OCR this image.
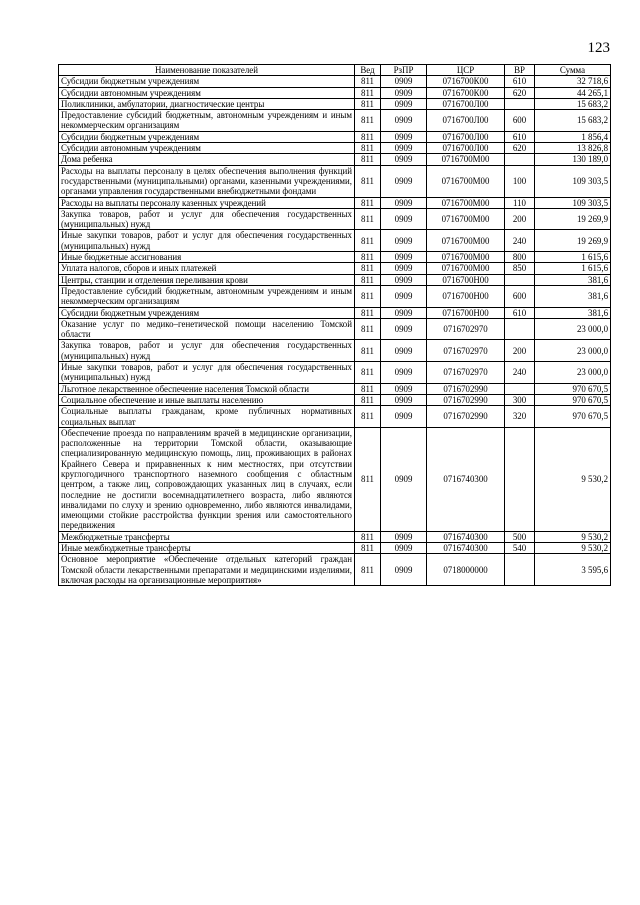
123
Наименование показателей	Вед	РзПР	ЦСР	ВР	Сумма
Субсидии бюджетным учреждениям	811	0909	0716700К00	610	32 718,6
Субсидии автономным учреждениям	811	0909	0716700К00	620	44 265,1
Поликлиники, амбулатории, диагностические центры	811	0909	0716700Л00		15 683,2
Предоставление субсидий бюджетным, автономным учреждениям и иным некоммерческим организациям	811	0909	0716700Л00	600	15 683,2
Субсидии бюджетным учреждениям	811	0909	0716700Л00	610	1 856,4
Субсидии автономным учреждениям	811	0909	0716700Л00	620	13 826,8
Дома ребенка	811	0909	0716700М00		130 189,0
Расходы на выплаты персоналу в целях обеспечения выполнения функций государственными (муниципальными) органами, казенными учреждениями, органами управления государственными внебюджетными фондами	811	0909	0716700М00	100	109 303,5
Расходы на выплаты персоналу казенных учреждений	811	0909	0716700М00	110	109 303,5
Закупка товаров, работ и услуг для обеспечения государственных (муниципальных) нужд	811	0909	0716700М00	200	19 269,9
Иные закупки товаров, работ и услуг для обеспечения государственных (муниципальных) нужд	811	0909	0716700М00	240	19 269,9
Иные бюджетные ассигнования	811	0909	0716700М00	800	1 615,6
Уплата налогов, сборов и иных платежей	811	0909	0716700М00	850	1 615,6
Центры, станции и отделения переливания крови	811	0909	0716700Н00		381,6
Предоставление субсидий бюджетным, автономным учреждениям и иным некоммерческим организациям	811	0909	0716700Н00	600	381,6
Субсидии бюджетным учреждениям	811	0909	0716700Н00	610	381,6
Оказание услуг по медико–генетической помощи населению Томской области	811	0909	0716702970		23 000,0
Закупка товаров, работ и услуг для обеспечения государственных (муниципальных) нужд	811	0909	0716702970	200	23 000,0
Иные закупки товаров, работ и услуг для обеспечения государственных (муниципальных) нужд	811	0909	0716702970	240	23 000,0
Льготное лекарственное обеспечение населения Томской области	811	0909	0716702990		970 670,5
Социальное обеспечение и иные выплаты населению	811	0909	0716702990	300	970 670,5
Социальные выплаты гражданам, кроме публичных нормативных социальных выплат	811	0909	0716702990	320	970 670,5
Обеспечение проезда по направлениям врачей в медицинские организации, расположенные на территории Томской области, оказывающие специализированную медицинскую помощь, лиц, проживающих в районах Крайнего Севера и приравненных к ним местностях, при отсутствии круглогодичного транспортного наземного сообщения с областным центром, а также лиц, сопровождающих указанных лиц в случаях, если последние не достигли восемнадцатилетнего возраста, либо являются инвалидами по слуху и зрению одновременно, либо являются инвалидами, имеющими стойкие расстройства функции зрения или самостоятельного передвижения	811	0909	0716740300		9 530,2
Межбюджетные трансферты	811	0909	0716740300	500	9 530,2
Иные межбюджетные трансферты	811	0909	0716740300	540	9 530,2
Основное мероприятие «Обеспечение отдельных категорий граждан Томской области лекарственными препаратами и медицинскими изделиями, включая расходы на организационные мероприятия»	811	0909	0718000000		3 595,6
